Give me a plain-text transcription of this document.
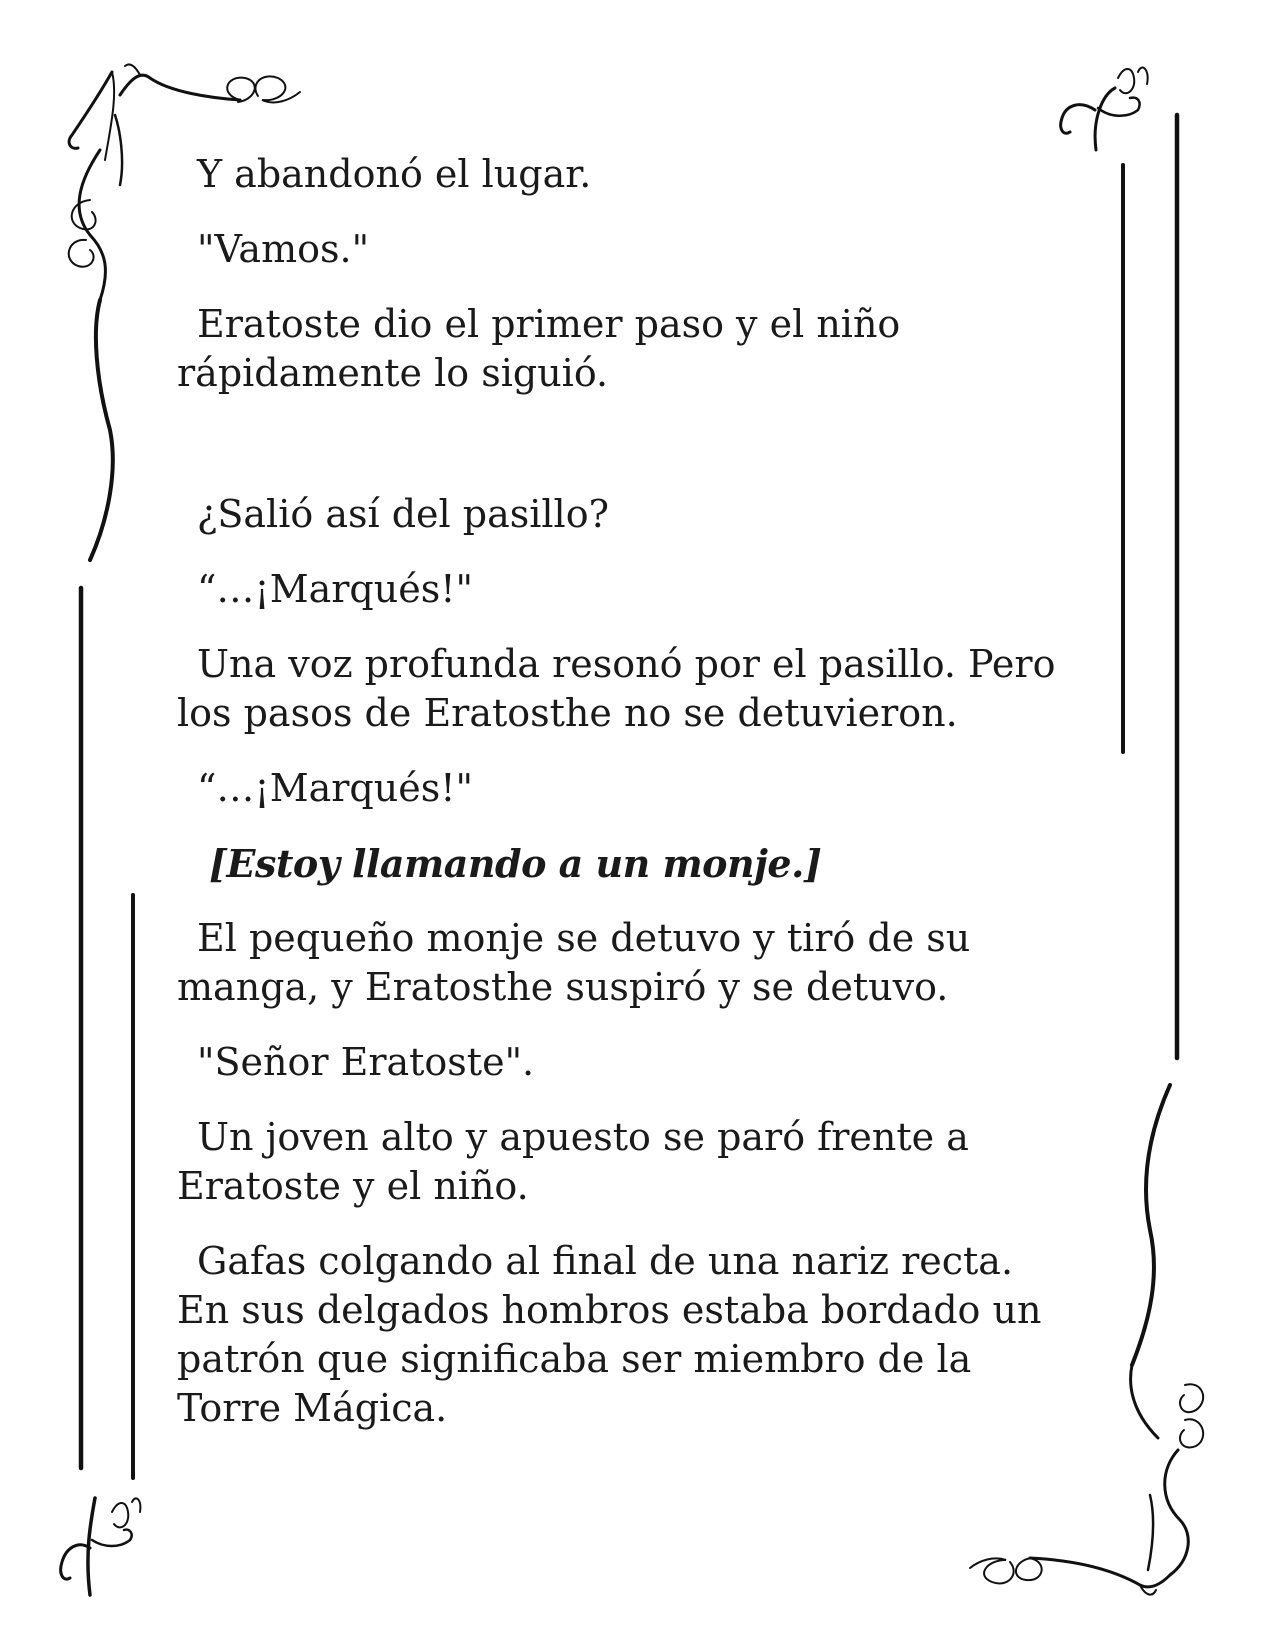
Y abandonó el lugar.

"Vamos."

Eratoste dio el primer paso y el niño rápidamente lo siguió.

¿Salió así del pasillo?

“…¡Marqués!"

Una voz profunda resonó por el pasillo. Pero los pasos de Eratosthe no se detuvieron.

“…¡Marqués!"

[Estoy llamando a un monje.]

El pequeño monje se detuvo y tiró de su manga, y Eratosthe suspiró y se detuvo.

"Señor Eratoste".

Un joven alto y apuesto se paró frente a Eratoste y el niño.

Gafas colgando al final de una nariz recta. En sus delgados hombros estaba bordado un patrón que significaba ser miembro de la Torre Mágica.
